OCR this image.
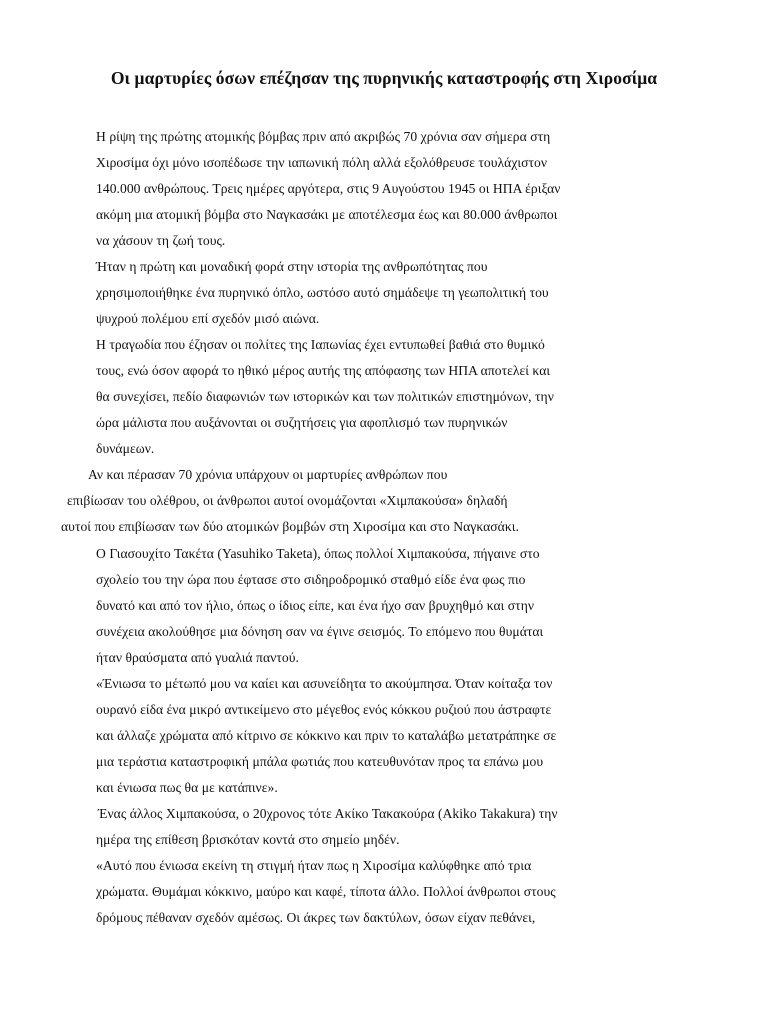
Οι μαρτυρίες όσων επέζησαν της πυρηνικής καταστροφής στη Χιροσίμα
Η ρίψη της πρώτης ατομικής βόμβας πριν από ακριβώς 70 χρόνια σαν σήμερα στη
Χιροσίμα όχι μόνο ισοπέδωσε την ιαπωνική πόλη αλλά εξολόθρευσε τουλάχιστον
140.000 ανθρώπους. Τρεις ημέρες αργότερα, στις 9 Αυγούστου 1945 οι ΗΠΑ έριξαν
ακόμη μια ατομική βόμβα στο Ναγκασάκι με αποτέλεσμα έως και 80.000 άνθρωποι
να χάσουν τη ζωή τους.
Ήταν η πρώτη και μοναδική φορά στην ιστορία της ανθρωπότητας που
χρησιμοποιήθηκε ένα πυρηνικό όπλο, ωστόσο αυτό σημάδεψε τη γεωπολιτική του
ψυχρού πολέμου επί σχεδόν μισό αιώνα.
Η τραγωδία που έζησαν οι πολίτες της Ιαπωνίας έχει εντυπωθεί βαθιά στο θυμικό
τους, ενώ όσον αφορά το ηθικό μέρος αυτής της απόφασης των ΗΠΑ αποτελεί και
θα συνεχίσει, πεδίο διαφωνιών των ιστορικών και των πολιτικών επιστημόνων, την
ώρα μάλιστα που αυξάνονται οι συζητήσεις για αφοπλισμό των πυρηνικών
δυνάμεων.
Αν και πέρασαν 70 χρόνια υπάρχουν οι μαρτυρίες ανθρώπων που
επιβίωσαν του ολέθρου, οι άνθρωποι αυτοί ονομάζονται «Χιμπακούσα» δηλαδή
αυτοί που επιβίωσαν των δύο ατομικών βομβών στη Χιροσίμα και στο Ναγκασάκι.
Ο Γιασουχίτο Τακέτα (Yasuhiko Taketa), όπως πολλοί Χιμπακούσα, πήγαινε στο
σχολείο του την ώρα που έφτασε στο σιδηροδρομικό σταθμό είδε ένα φως πιο
δυνατό και από τον ήλιο, όπως ο ίδιος είπε, και ένα ήχο σαν βρυχηθμό και στην
συνέχεια ακολούθησε μια δόνηση σαν να έγινε σεισμός. Το επόμενο που θυμάται
ήταν θραύσματα από γυαλιά παντού.
«Ένιωσα το μέτωπό μου να καίει και ασυνείδητα το ακούμπησα. Όταν κοίταξα τον
ουρανό είδα ένα μικρό αντικείμενο στο μέγεθος ενός κόκκου ρυζιού που άστραφτε
και άλλαζε χρώματα από κίτρινο σε κόκκινο και πριν το καταλάβω μετατράπηκε σε
μια τεράστια καταστροφική μπάλα φωτιάς που κατευθυνόταν προς τα επάνω μου
και ένιωσα πως θα με κατάπινε».
Ένας άλλος Χιμπακούσα, ο 20χρονος τότε Ακίκο Τακακούρα (Akiko Takakura) την
ημέρα της επίθεση βρισκόταν κοντά στο σημείο μηδέν.
«Αυτό που ένιωσα εκείνη τη στιγμή ήταν πως η Χιροσίμα καλύφθηκε από τρια
χρώματα. Θυμάμαι κόκκινο, μαύρο και καφέ, τίποτα άλλο. Πολλοί άνθρωποι στους
δρόμους πέθαναν σχεδόν αμέσως. Οι άκρες των δακτύλων, όσων είχαν πεθάνει,
